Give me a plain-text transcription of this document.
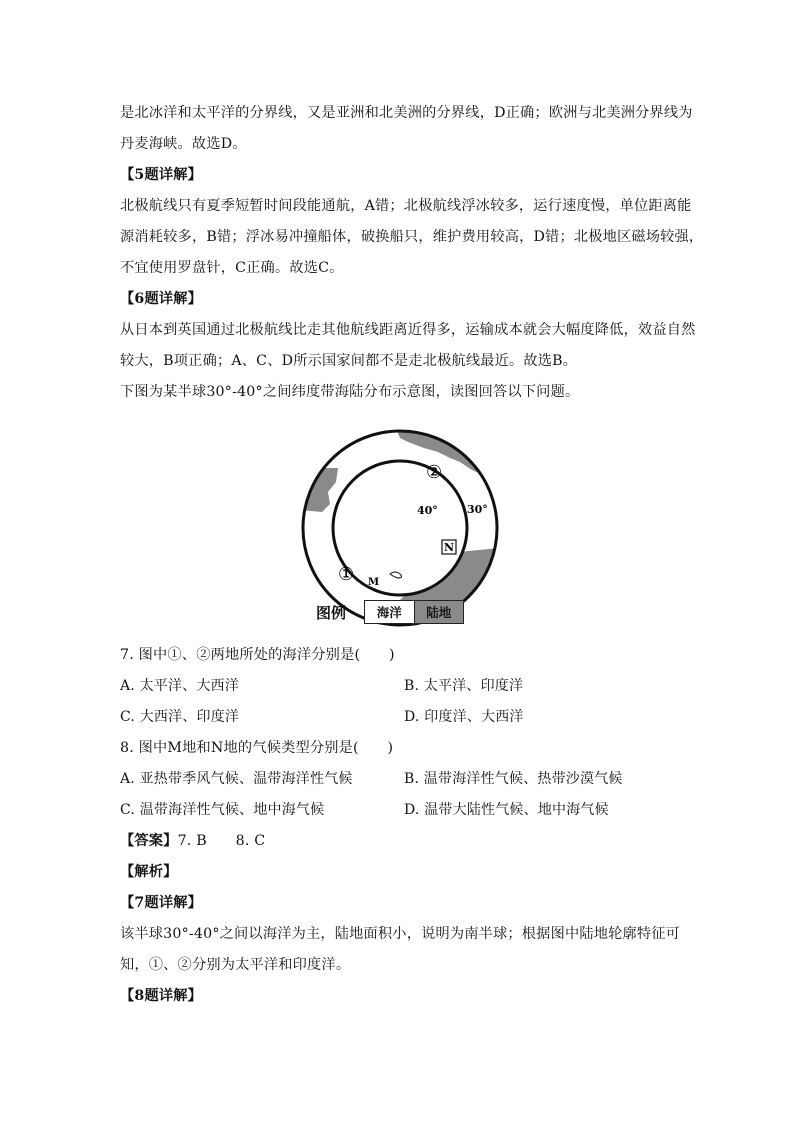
是北冰洋和太平洋的分界线，又是亚洲和北美洲的分界线，D正确；欧洲与北美洲分界线为
丹麦海峡。故选D。
【5题详解】
北极航线只有夏季短暂时间段能通航，A错；北极航线浮冰较多，运行速度慢，单位距离能
源消耗较多，B错；浮冰易冲撞船体，破换船只，维护费用较高，D错；北极地区磁场较强，
不宜使用罗盘针，C正确。故选C。
【6题详解】
从日本到英国通过北极航线比走其他航线距离近得多，运输成本就会大幅度降低，效益自然
较大，B项正确；A、C、D所示国家间都不是走北极航线最近。故选B。
下图为某半球30°-40°之间纬度带海陆分布示意图，读图回答以下问题。
N
40°	30°
②
① M
图例	海洋	陆地
7. 图中①、②两地所处的海洋分别是(　　)
A. 太平洋、大西洋	B. 太平洋、印度洋
C. 大西洋、印度洋	D. 印度洋、大西洋
8. 图中M地和N地的气候类型分别是(　　)
A. 亚热带季风气候、温带海洋性气候	B. 温带海洋性气候、热带沙漠气候
C. 温带海洋性气候、地中海气候	D. 温带大陆性气候、地中海气候
【答案】7. B　　8. C
【解析】
【7题详解】
该半球30°-40°之间以海洋为主，陆地面积小，说明为南半球；根据图中陆地轮廓特征可
知，①、②分别为太平洋和印度洋。
【8题详解】
